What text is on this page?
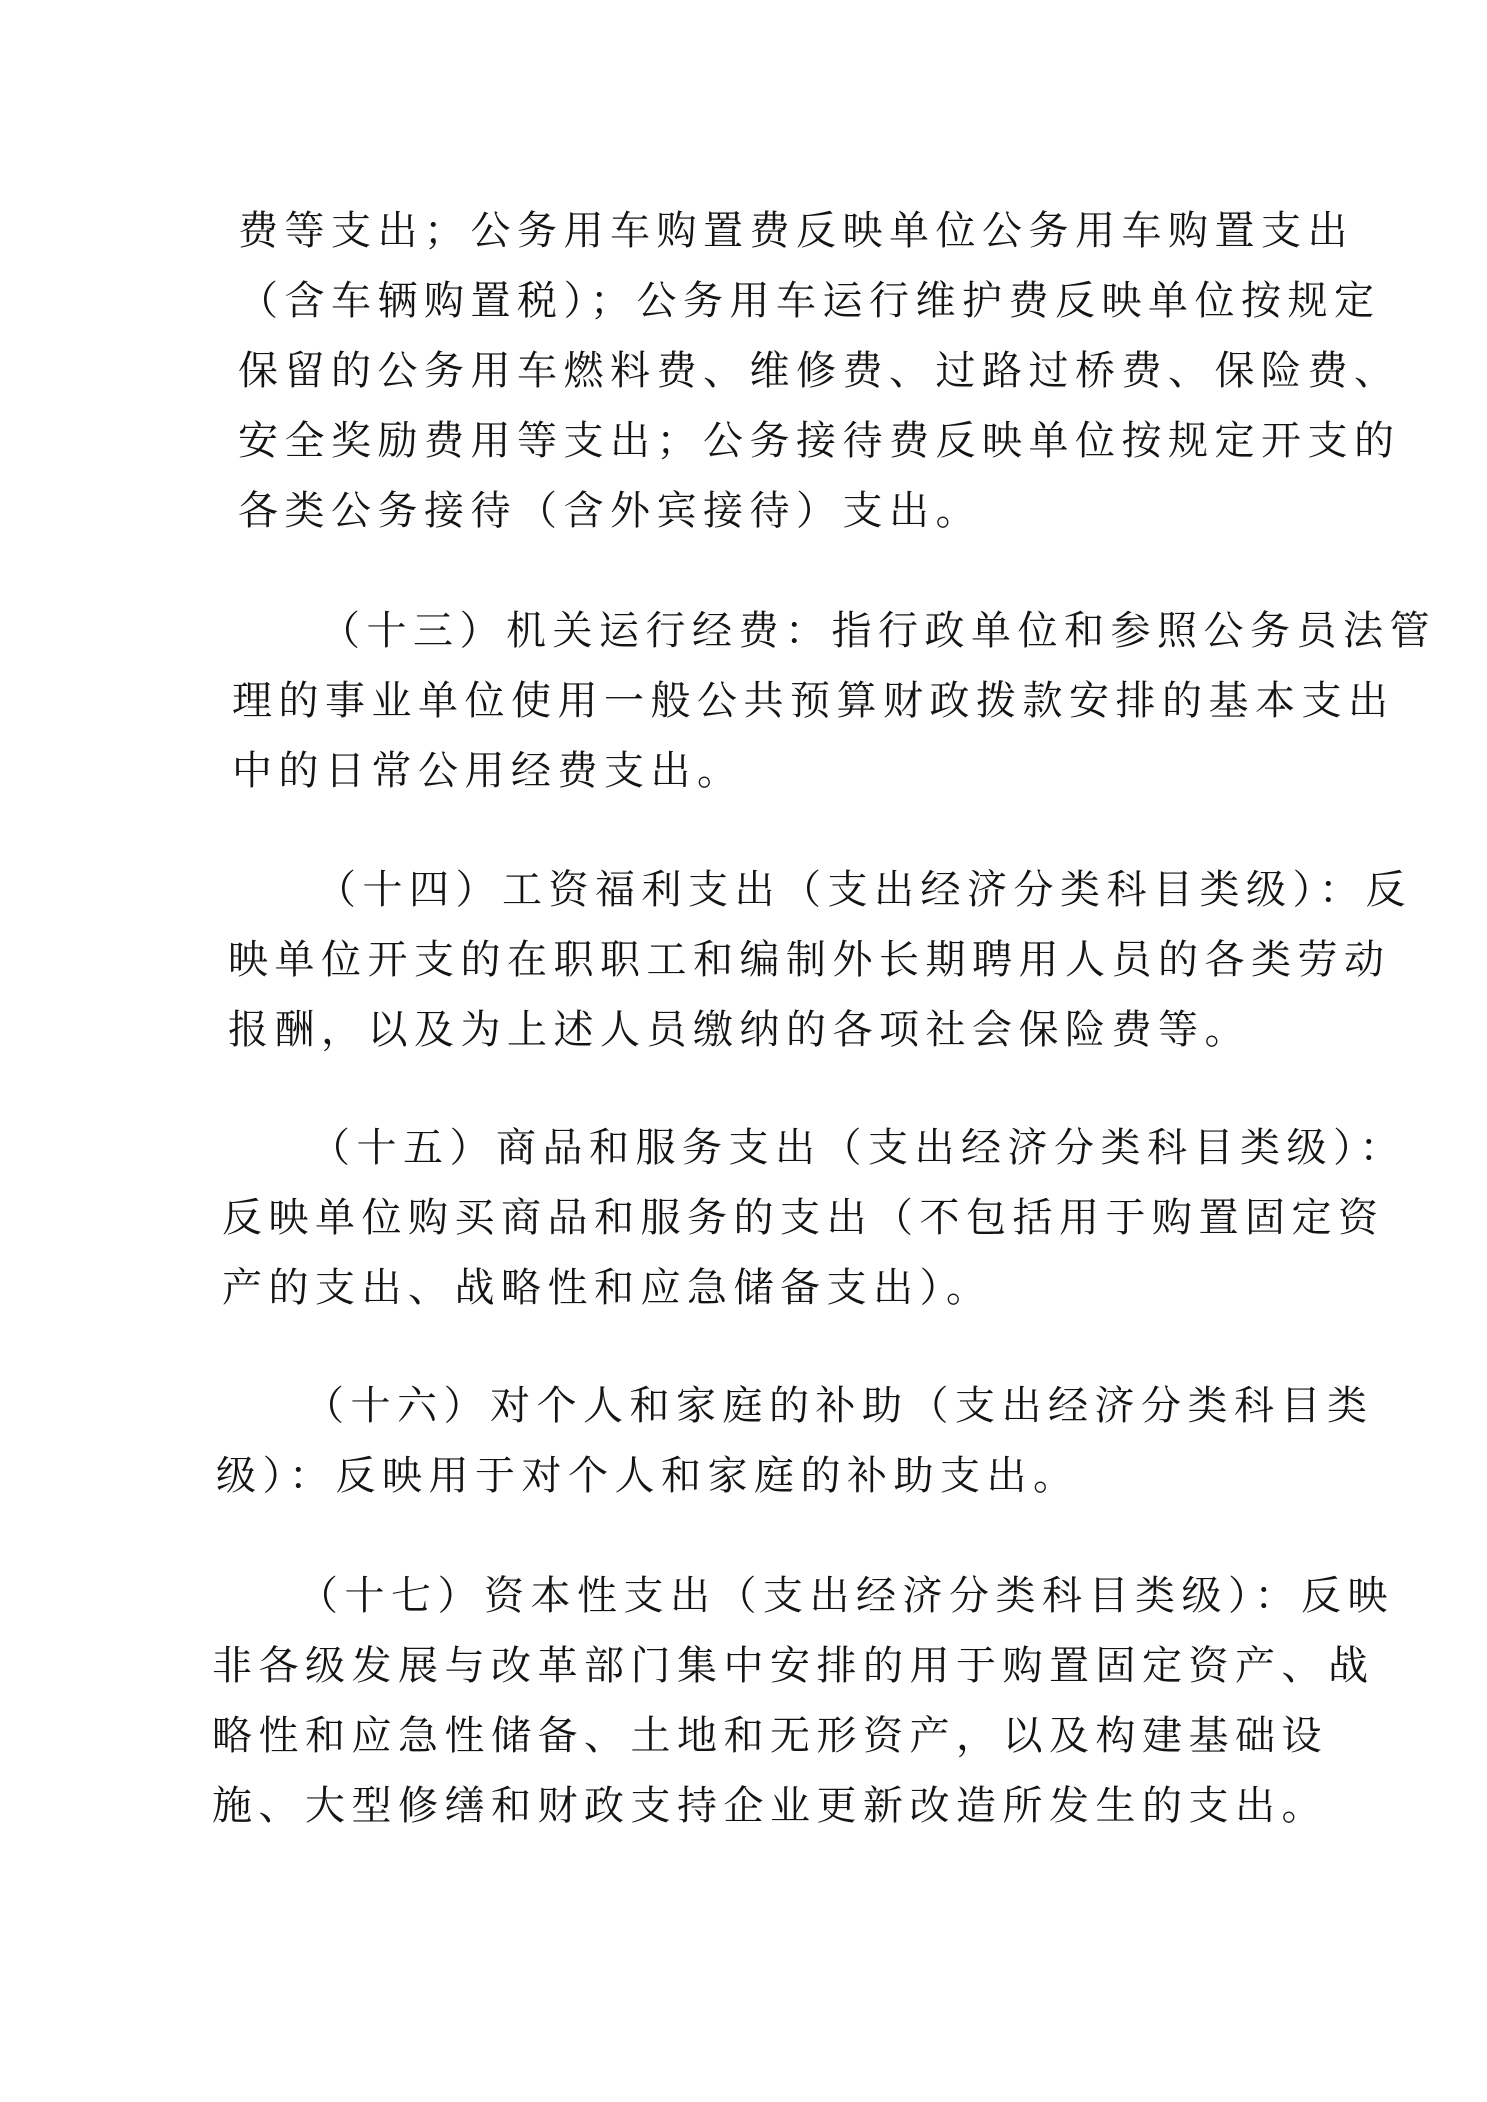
费等支出；公务用车购置费反映单位公务用车购置支出
（含车辆购置税）；公务用车运行维护费反映单位按规定
保留的公务用车燃料费、维修费、过路过桥费、保险费、
安全奖励费用等支出；公务接待费反映单位按规定开支的
各类公务接待（含外宾接待）支出。
（十三）机关运行经费：指行政单位和参照公务员法管
理的事业单位使用一般公共预算财政拨款安排的基本支出
中的日常公用经费支出。
（十四）工资福利支出（支出经济分类科目类级）：反
映单位开支的在职职工和编制外长期聘用人员的各类劳动
报酬，以及为上述人员缴纳的各项社会保险费等。
（十五）商品和服务支出（支出经济分类科目类级）：
反映单位购买商品和服务的支出（不包括用于购置固定资
产的支出、战略性和应急储备支出）。
（十六）对个人和家庭的补助（支出经济分类科目类
级）：反映用于对个人和家庭的补助支出。
（十七）资本性支出（支出经济分类科目类级）：反映
非各级发展与改革部门集中安排的用于购置固定资产、战
略性和应急性储备、土地和无形资产，以及构建基础设
施、大型修缮和财政支持企业更新改造所发生的支出。
